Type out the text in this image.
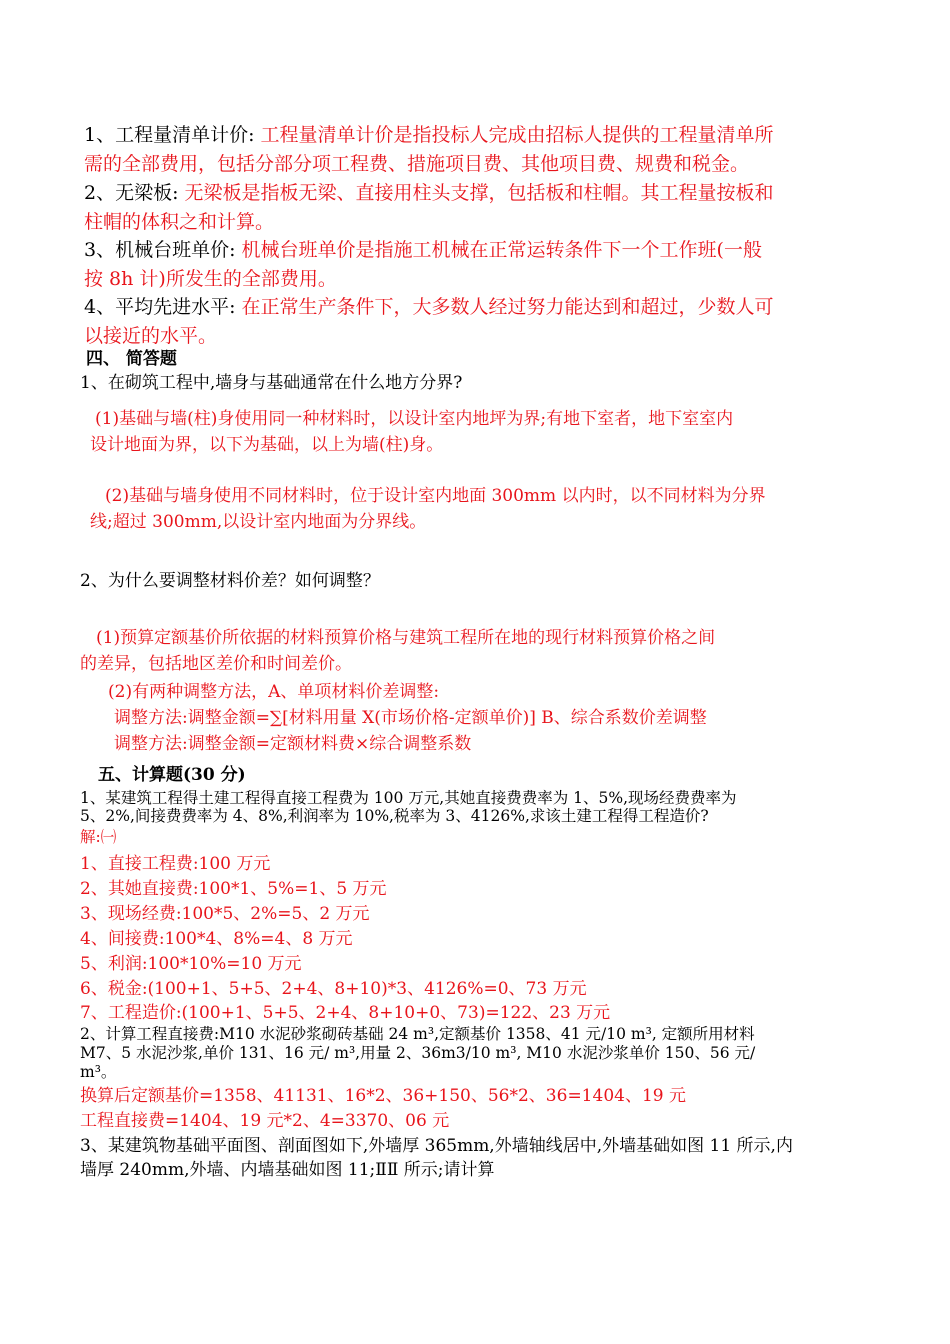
1、工程量清单计价: 工程量清单计价是指投标人完成由招标人提供的工程量清单所
需的全部费用，包括分部分项工程费、措施项目费、其他项目费、规费和税金。
2、无梁板: 无梁板是指板无梁、直接用柱头支撑，包括板和柱帽。其工程量按板和
柱帽的体积之和计算。
3、机械台班单价: 机械台班单价是指施工机械在正常运转条件下一个工作班(一般
按 8h 计)所发生的全部费用。
4、平均先进水平: 在正常生产条件下，大多数人经过努力能达到和超过，少数人可
以接近的水平。
四、 简答题
1、在砌筑工程中,墙身与基础通常在什么地方分界?
(1)基础与墙(柱)身使用同一种材料时，以设计室内地坪为界;有地下室者，地下室室内
设计地面为界，以下为基础，以上为墙(柱)身。
(2)基础与墙身使用不同材料时，位于设计室内地面 300mm 以内时，以不同材料为分界
线;超过 300mm,以设计室内地面为分界线。
2、为什么要调整材料价差？如何调整？
(1)预算定额基价所依据的材料预算价格与建筑工程所在地的现行材料预算价格之间
的差异，包括地区差价和时间差价。
(2)有两种调整方法，A、单项材料价差调整:
调整方法:调整金额=∑[材料用量 X(市场价格-定额单价)] B、综合系数价差调整
调整方法:调整金额=定额材料费×综合调整系数
五、计算题(30 分)
1、某建筑工程得土建工程得直接工程费为 100 万元,其她直接费费率为 1、5%,现场经费费率为
5、2%,间接费费率为 4、8%,利润率为 10%,税率为 3、4126%,求该土建工程得工程造价?
解:㈠
1、直接工程费:100 万元
2、其她直接费:100*1、5%=1、5 万元
3、现场经费:100*5、2%=5、2 万元
4、间接费:100*4、8%=4、8 万元
5、利润:100*10%=10 万元
6、税金:(100+1、5+5、2+4、8+10)*3、4126%=0、73 万元
7、工程造价:(100+1、5+5、2+4、8+10+0、73)=122、23 万元
2、计算工程直接费:M10 水泥砂浆砌砖基础 24 m³,定额基价 1358、41 元/10 m³, 定额所用材料
M7、5 水泥沙浆,单价 131、16 元/ m³,用量 2、36m3/10 m³, M10 水泥沙浆单价 150、56 元/
m³。
换算后定额基价=1358、41131、16*2、36+150、56*2、36=1404、19 元
工程直接费=1404、19 元*2、4=3370、06 元
3、某建筑物基础平面图、剖面图如下,外墙厚 365mm,外墙轴线居中,外墙基础如图 11 所示,内
墙厚 240mm,外墙、内墙基础如图 11;ⅡⅡ 所示;请计算
